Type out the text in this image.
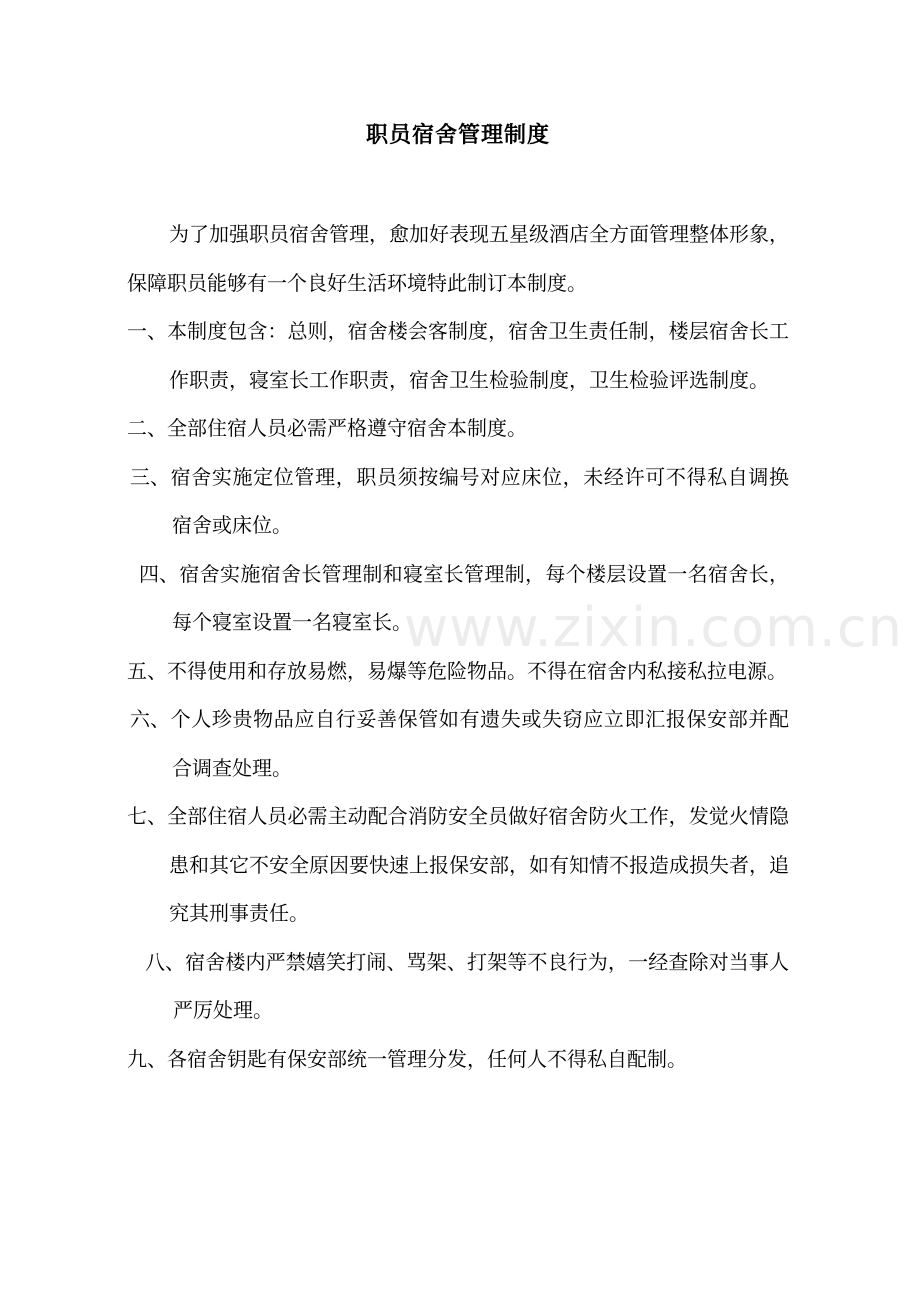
职员宿舍管理制度

为了加强职员宿舍管理，愈加好表现五星级酒店全方面管理整体形象，保障职员能够有一个良好生活环境特此制订本制度。

一、本制度包含：总则，宿舍楼会客制度，宿舍卫生责任制，楼层宿舍长工作职责，寝室长工作职责，宿舍卫生检验制度，卫生检验评选制度。

二、全部住宿人员必需严格遵守宿舍本制度。

三、宿舍实施定位管理，职员须按编号对应床位，未经许可不得私自调换宿舍或床位。

四、宿舍实施宿舍长管理制和寝室长管理制，每个楼层设置一名宿舍长，每个寝室设置一名寝室长。

五、不得使用和存放易燃，易爆等危险物品。不得在宿舍内私接私拉电源。

六、个人珍贵物品应自行妥善保管如有遗失或失窃应立即汇报保安部并配合调查处理。

七、全部住宿人员必需主动配合消防安全员做好宿舍防火工作，发觉火情隐患和其它不安全原因要快速上报保安部，如有知情不报造成损失者，追究其刑事责任。

八、宿舍楼内严禁嬉笑打闹、骂架、打架等不良行为，一经查除对当事人严厉处理。

九、各宿舍钥匙有保安部统一管理分发，任何人不得私自配制。

www.zixin.com.cn
